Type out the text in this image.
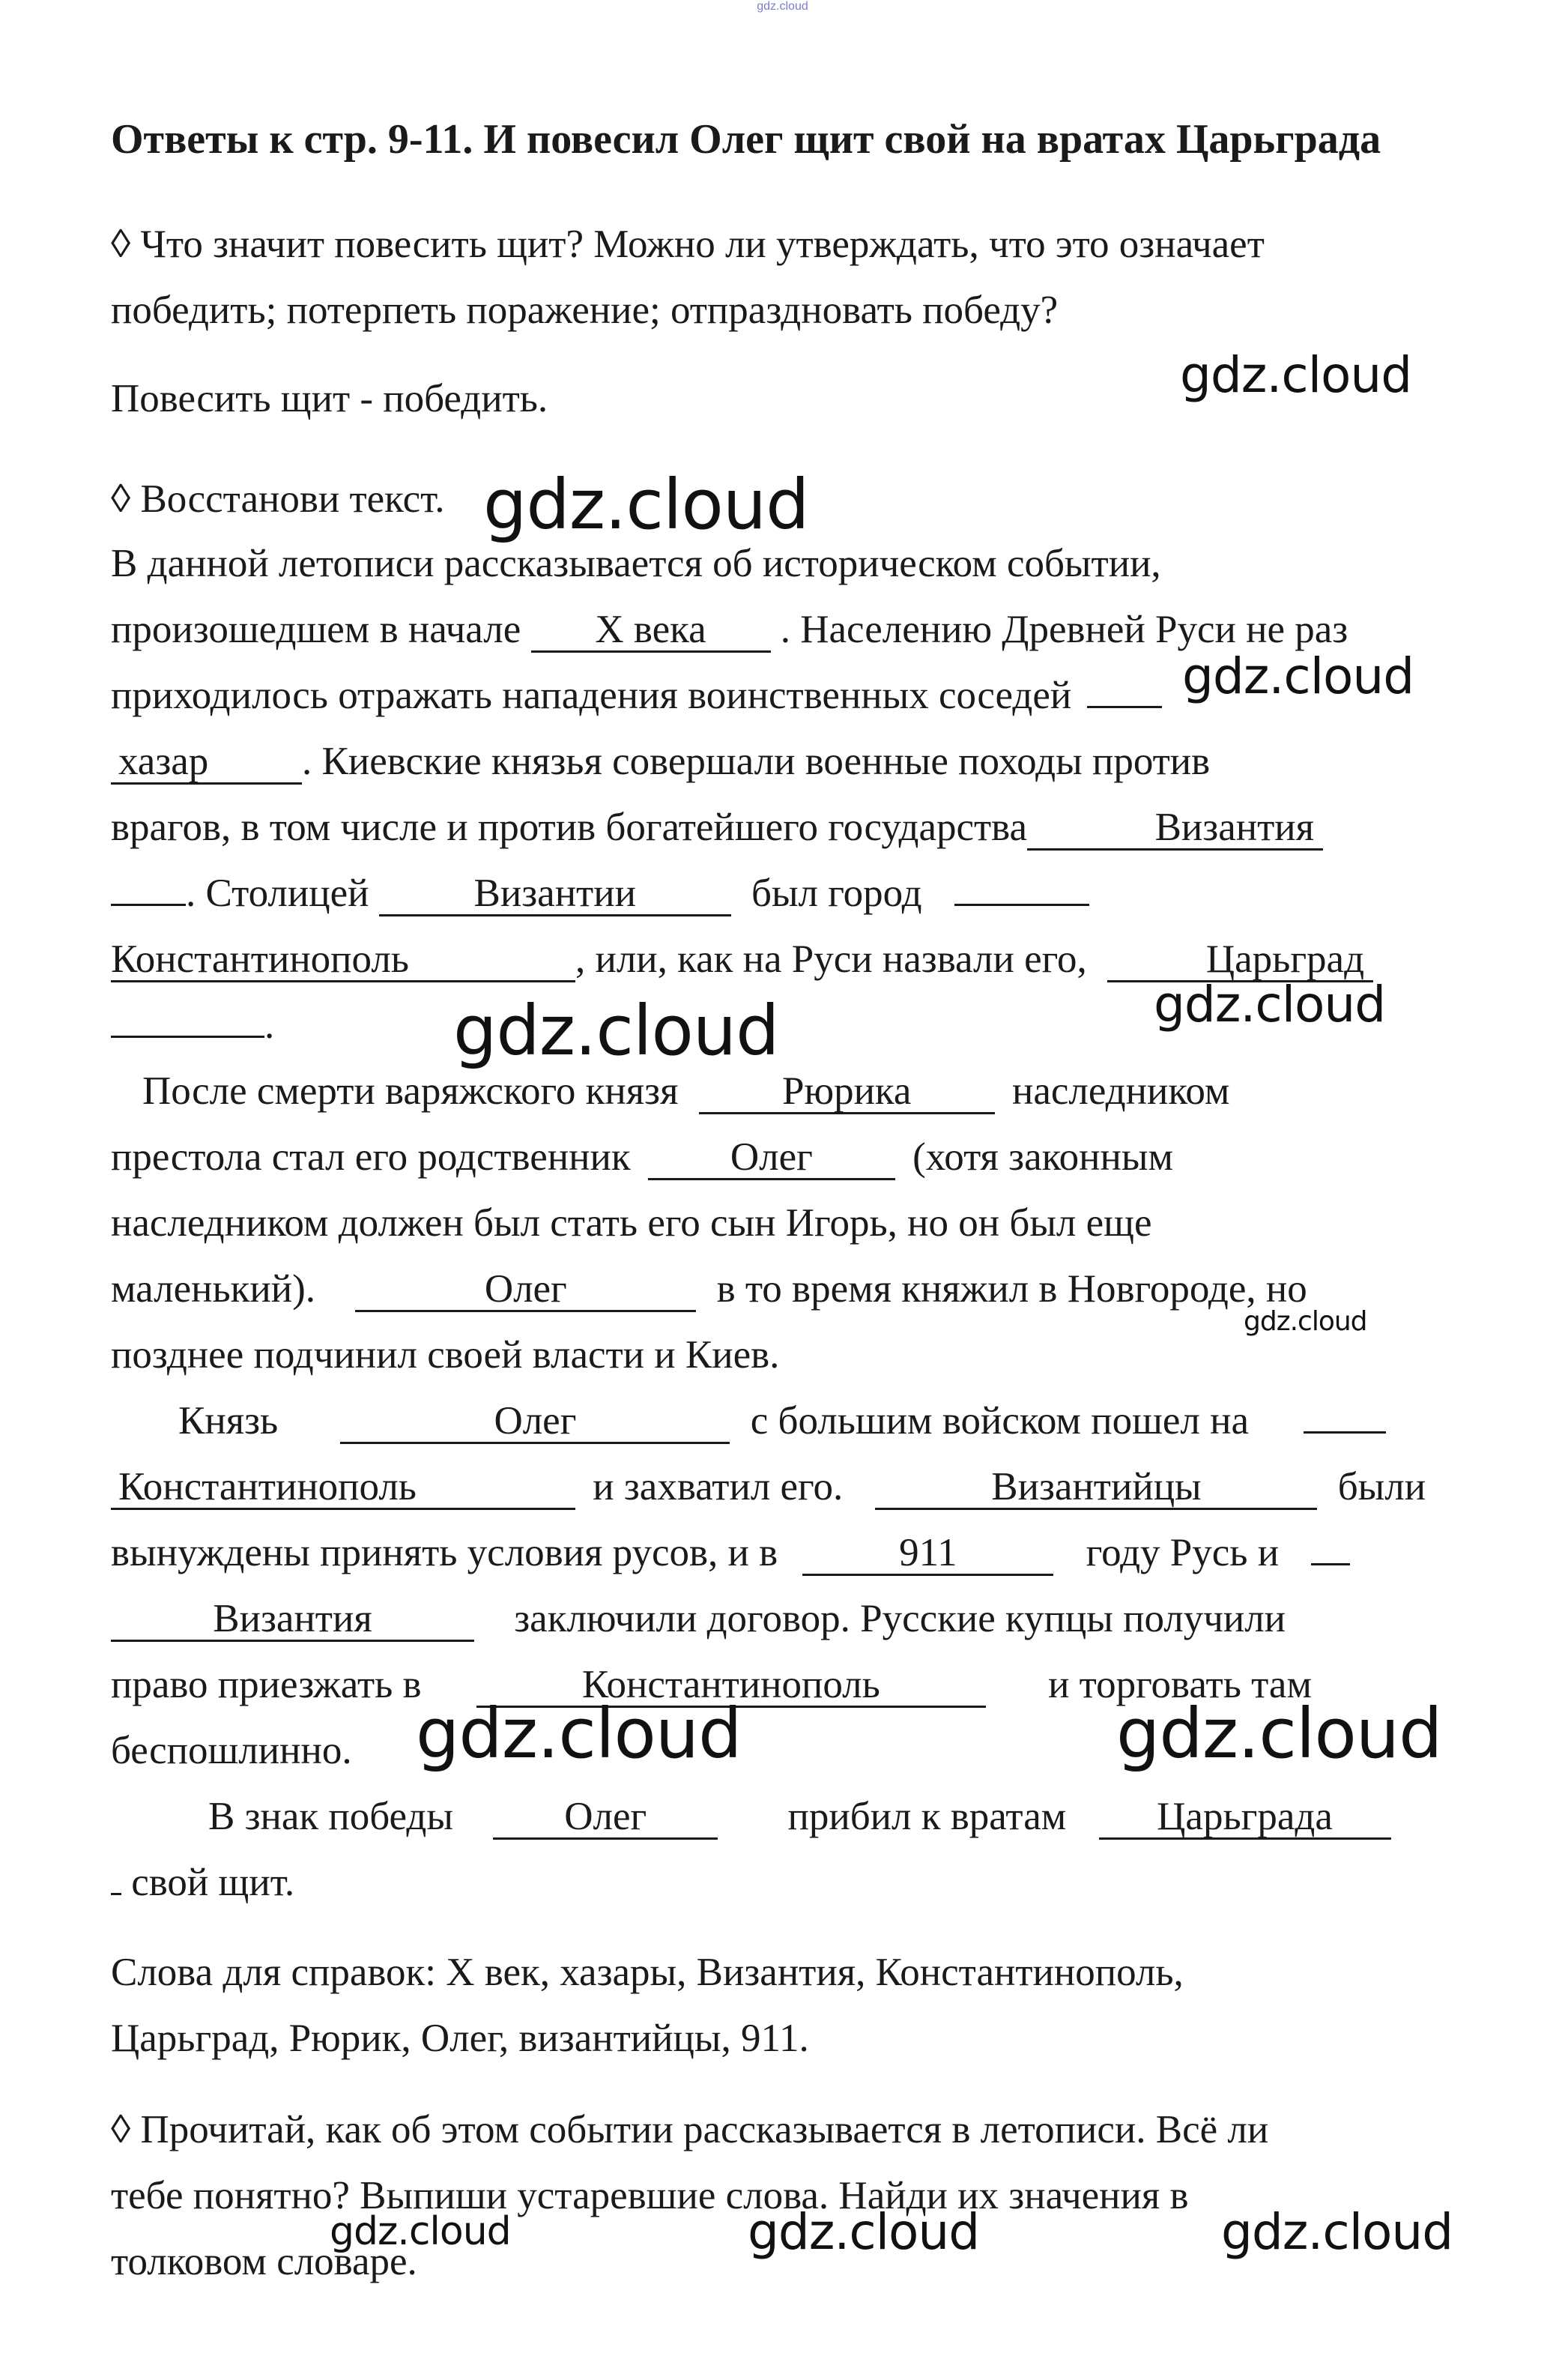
gdz.cloud
Ответы к стр. 9-11. И повесил Олег щит свой на вратах Царьграда
◊ Что значит повесить щит? Можно ли утверждать, что это означает
победить; потерпеть поражение; отпраздновать победу?
Повесить щит - победить.
◊ Восстанови текст.
В данной летописи рассказывается об историческом событии,
произошедшем в начале Х века . Населению Древней Руси не раз
приходилось отражать нападения воинственных соседей
хазар . Киевские князья совершали военные походы против
врагов, в том числе и против богатейшего государства	Византия
. Столицей	Византии	был город
Константинополь	, или, как на Руси назвали его,	Царьград
.
После смерти варяжского князя	Рюрика	наследником
престола стал его родственник	Олег	(хотя законным
наследником должен был стать его сын Игорь, но он был еще
маленький).	Олег	в то время княжил в Новгороде, но
позднее подчинил своей власти и Киев.
Князь	Олег	с большим войском пошел на
Константинополь	и захватил его.	Византийцы	были
вынуждены принять условия русов, и в	911	году Русь и
Византия	заключили договор. Русские купцы получили
право приезжать в	Константинополь	и торговать там
беспошлинно.
В знак победы	Олег	прибил к вратам Царьграда
свой щит.
Слова для справок: Х век, хазары, Византия, Константинополь,
Царьград, Рюрик, Олег, византийцы, 911.
◊ Прочитай, как об этом событии рассказывается в летописи. Всё ли
тебе понятно? Выпиши устаревшие слова. Найди их значения в
толковом словаре.
gdz.cloud
gdz.cloud
gdz.cloud
gdz.cloud
gdz.cloud
gdz.cloud
gdz.cloud	gdz.cloud
gdz.cloud	gdz.cloud	gdz.cloud
